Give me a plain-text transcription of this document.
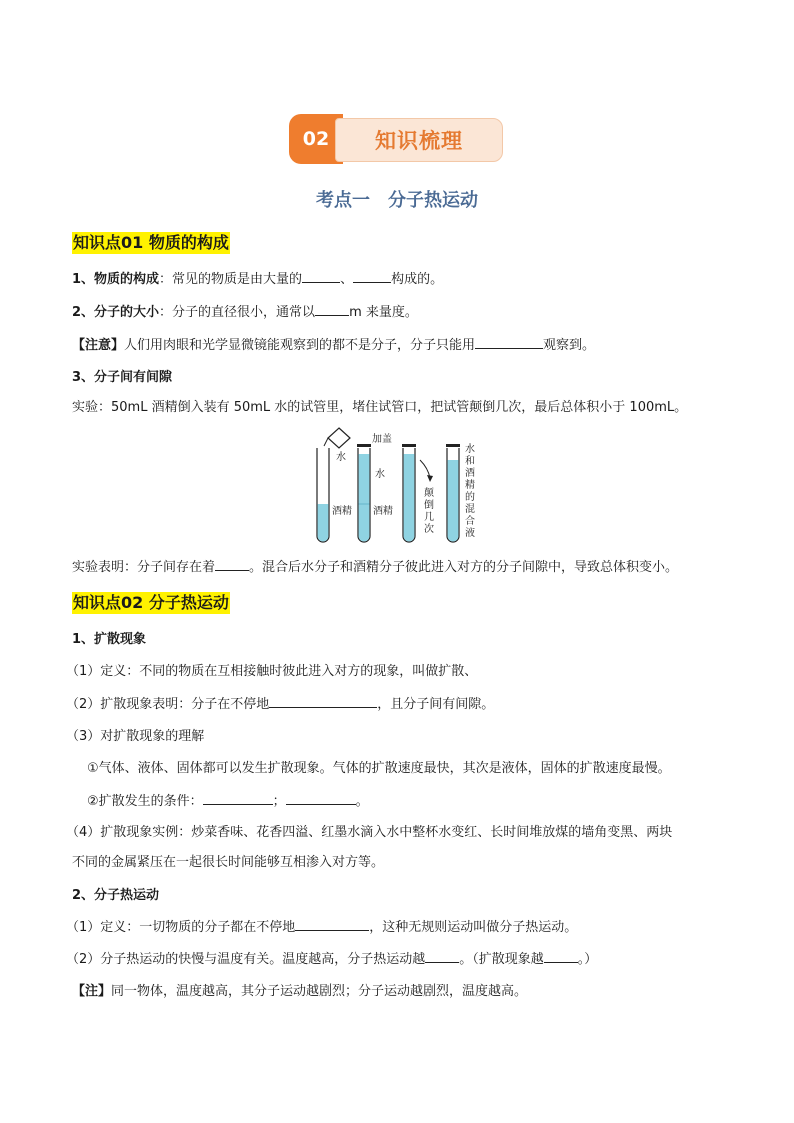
02	知识梳理
考点一　分子热运动
知识点01 物质的构成
1、物质的构成：常见的物质是由大量的	、	构成的。
2、分子的大小：分子的直径很小，通常以	m 来量度。
【注意】人们用肉眼和光学显微镜能观察到的都不是分子，分子只能用	观察到。
3、分子间有间隙
实验：50mL 酒精倒入装有 50mL 水的试管里，堵住试管口，把试管颠倒几次，最后总体积小于 100mL。
水
酒精
加盖
水
酒精
颠倒几次
水和酒精的混合液
实验表明：分子间存在着	。混合后水分子和酒精分子彼此进入对方的分子间隙中，导致总体积变小。
知识点02 分子热运动
1、扩散现象
（1）定义：不同的物质在互相接触时彼此进入对方的现象，叫做扩散、
（2）扩散现象表明：分子在不停地	，且分子间有间隙。
（3）对扩散现象的理解
①气体、液体、固体都可以发生扩散现象。气体的扩散速度最快，其次是液体，固体的扩散速度最慢。
②扩散发生的条件：	；	。
（4）扩散现象实例：炒菜香味、花香四溢、红墨水滴入水中整杯水变红、长时间堆放煤的墙角变黑、两块
不同的金属紧压在一起很长时间能够互相渗入对方等。
2、分子热运动
（1）定义：一切物质的分子都在不停地	，这种无规则运动叫做分子热运动。
（2）分子热运动的快慢与温度有关。温度越高，分子热运动越	。（扩散现象越	。）
【注】同一物体，温度越高，其分子运动越剧烈；分子运动越剧烈，温度越高。
